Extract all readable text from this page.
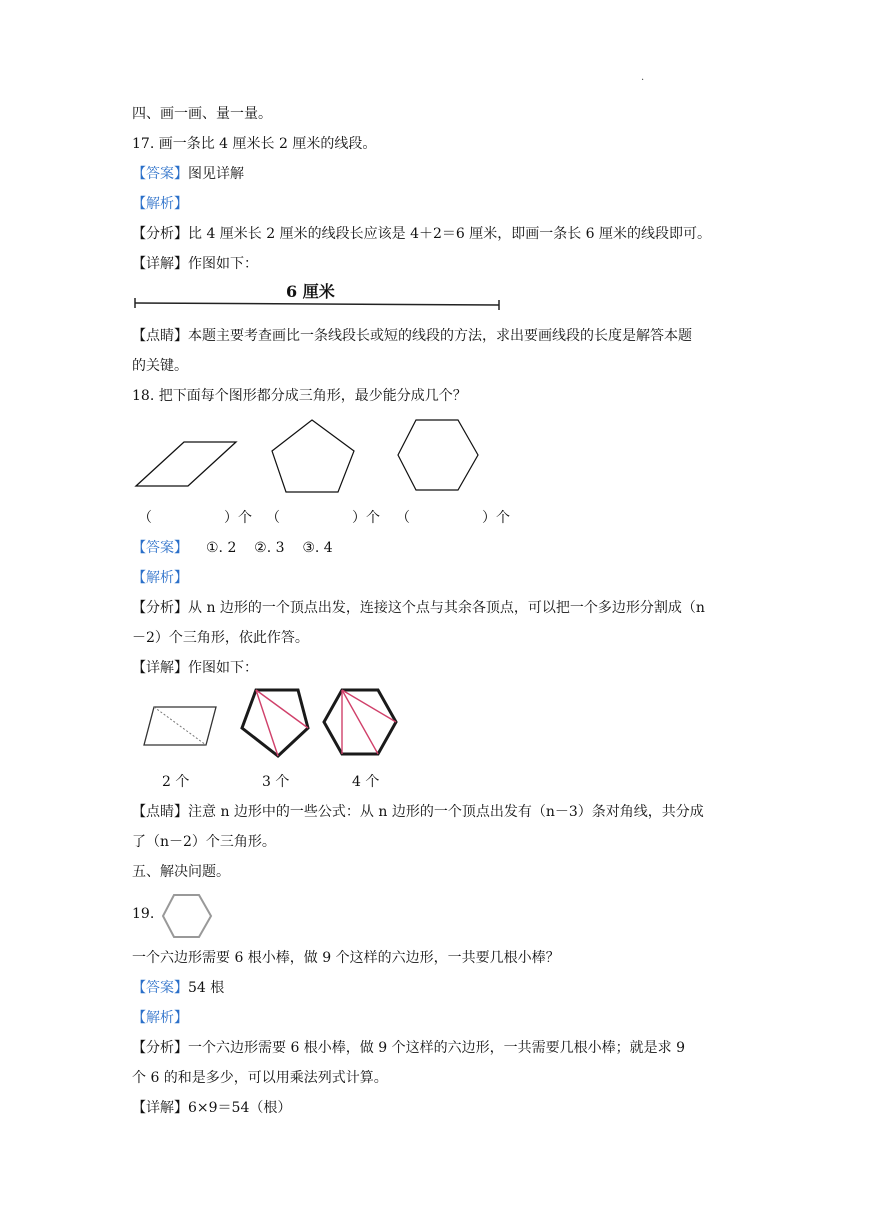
.
四、画一画、量一量。
17. 画一条比 4 厘米长 2 厘米的线段。
【答案】图见详解
【解析】
【分析】比 4 厘米长 2 厘米的线段长应该是 4＋2＝6 厘米，即画一条长 6 厘米的线段即可。
【详解】作图如下：
6 厘米
【点睛】本题主要考查画比一条线段长或短的线段的方法，求出要画线段的长度是解答本题
的关键。
18. 把下面每个图形都分成三角形，最少能分成几个？
（	）个 （	）个 （	）个
【答案】 ①. 2    ②. 3    ③. 4
【解析】
【分析】从 n 边形的一个顶点出发，连接这个点与其余各顶点，可以把一个多边形分割成（n
－2）个三角形，依此作答。
【详解】作图如下：
2 个	3 个	4 个
【点睛】注意 n 边形中的一些公式：从 n 边形的一个顶点出发有（n－3）条对角线，共分成
了（n－2）个三角形。
五、解决问题。
19.
一个六边形需要 6 根小棒，做 9 个这样的六边形，一共要几根小棒？
【答案】54 根
【解析】
【分析】一个六边形需要 6 根小棒，做 9 个这样的六边形，一共需要几根小棒；就是求 9
个 6 的和是多少，可以用乘法列式计算。
【详解】6×9＝54（根）
